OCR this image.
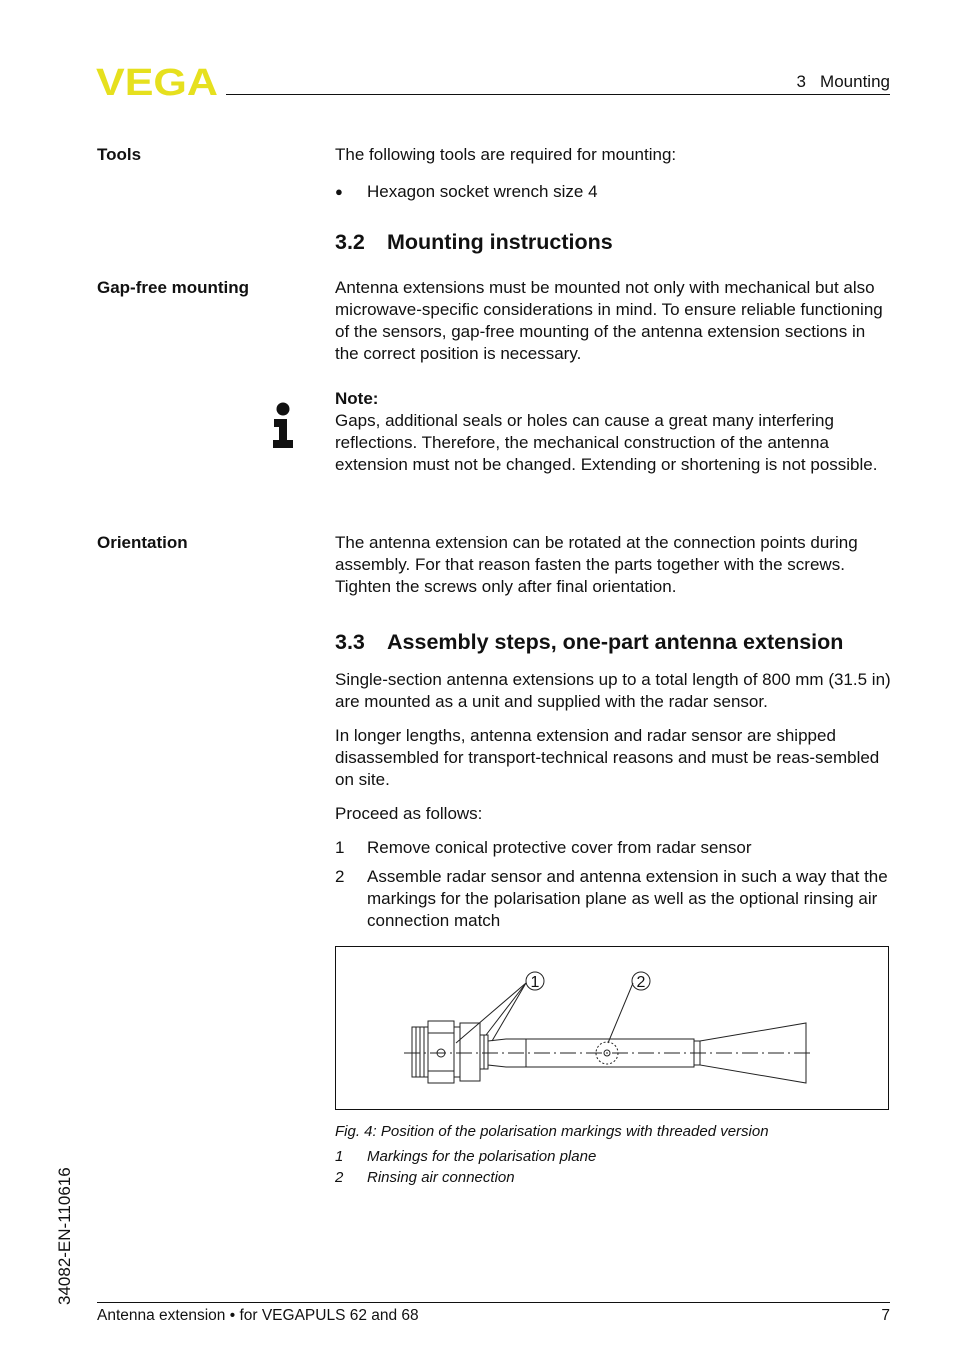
VEGA	3   Mounting
Tools	The following tools are required for mounting:

● Hexagon socket wrench size 4
3.2 Mounting instructions
Gap-free mounting	Antenna extensions must be mounted not only with mechanical but also microwave-specific considerations in mind. To ensure reliable functioning of the sensors, gap-free mounting of the antenna extension sections in the correct position is necessary.

Note:

Gaps, additional seals or holes can cause a great many interfering reflections. Therefore, the mechanical construction of the antenna extension must not be changed. Extending or shortening is not possible.

Orientation	The antenna extension can be rotated at the connection points during assembly. For that reason fasten the parts together with the screws. Tighten the screws only after final orientation.
3.3 Assembly steps, one-part antenna extension

Single-section antenna extensions up to a total length of 800 mm (31.5 in) are mounted as a unit and supplied with the radar sensor.

In longer lengths, antenna extension and radar sensor are shipped disassembled for transport-technical reasons and must be reas-sembled on site.

Proceed as follows:

1 Remove conical protective cover from radar sensor
2 Assemble radar sensor and antenna extension in such a way that the markings for the polarisation plane as well as the optional rinsing air connection match
1	2

Fig. 4: Position of the polarisation markings with threaded version

1 Markings for the polarisation plane
2 Rinsing air connection
34082-EN-110616
Antenna extension • for VEGAPULS 62 and 68	7
